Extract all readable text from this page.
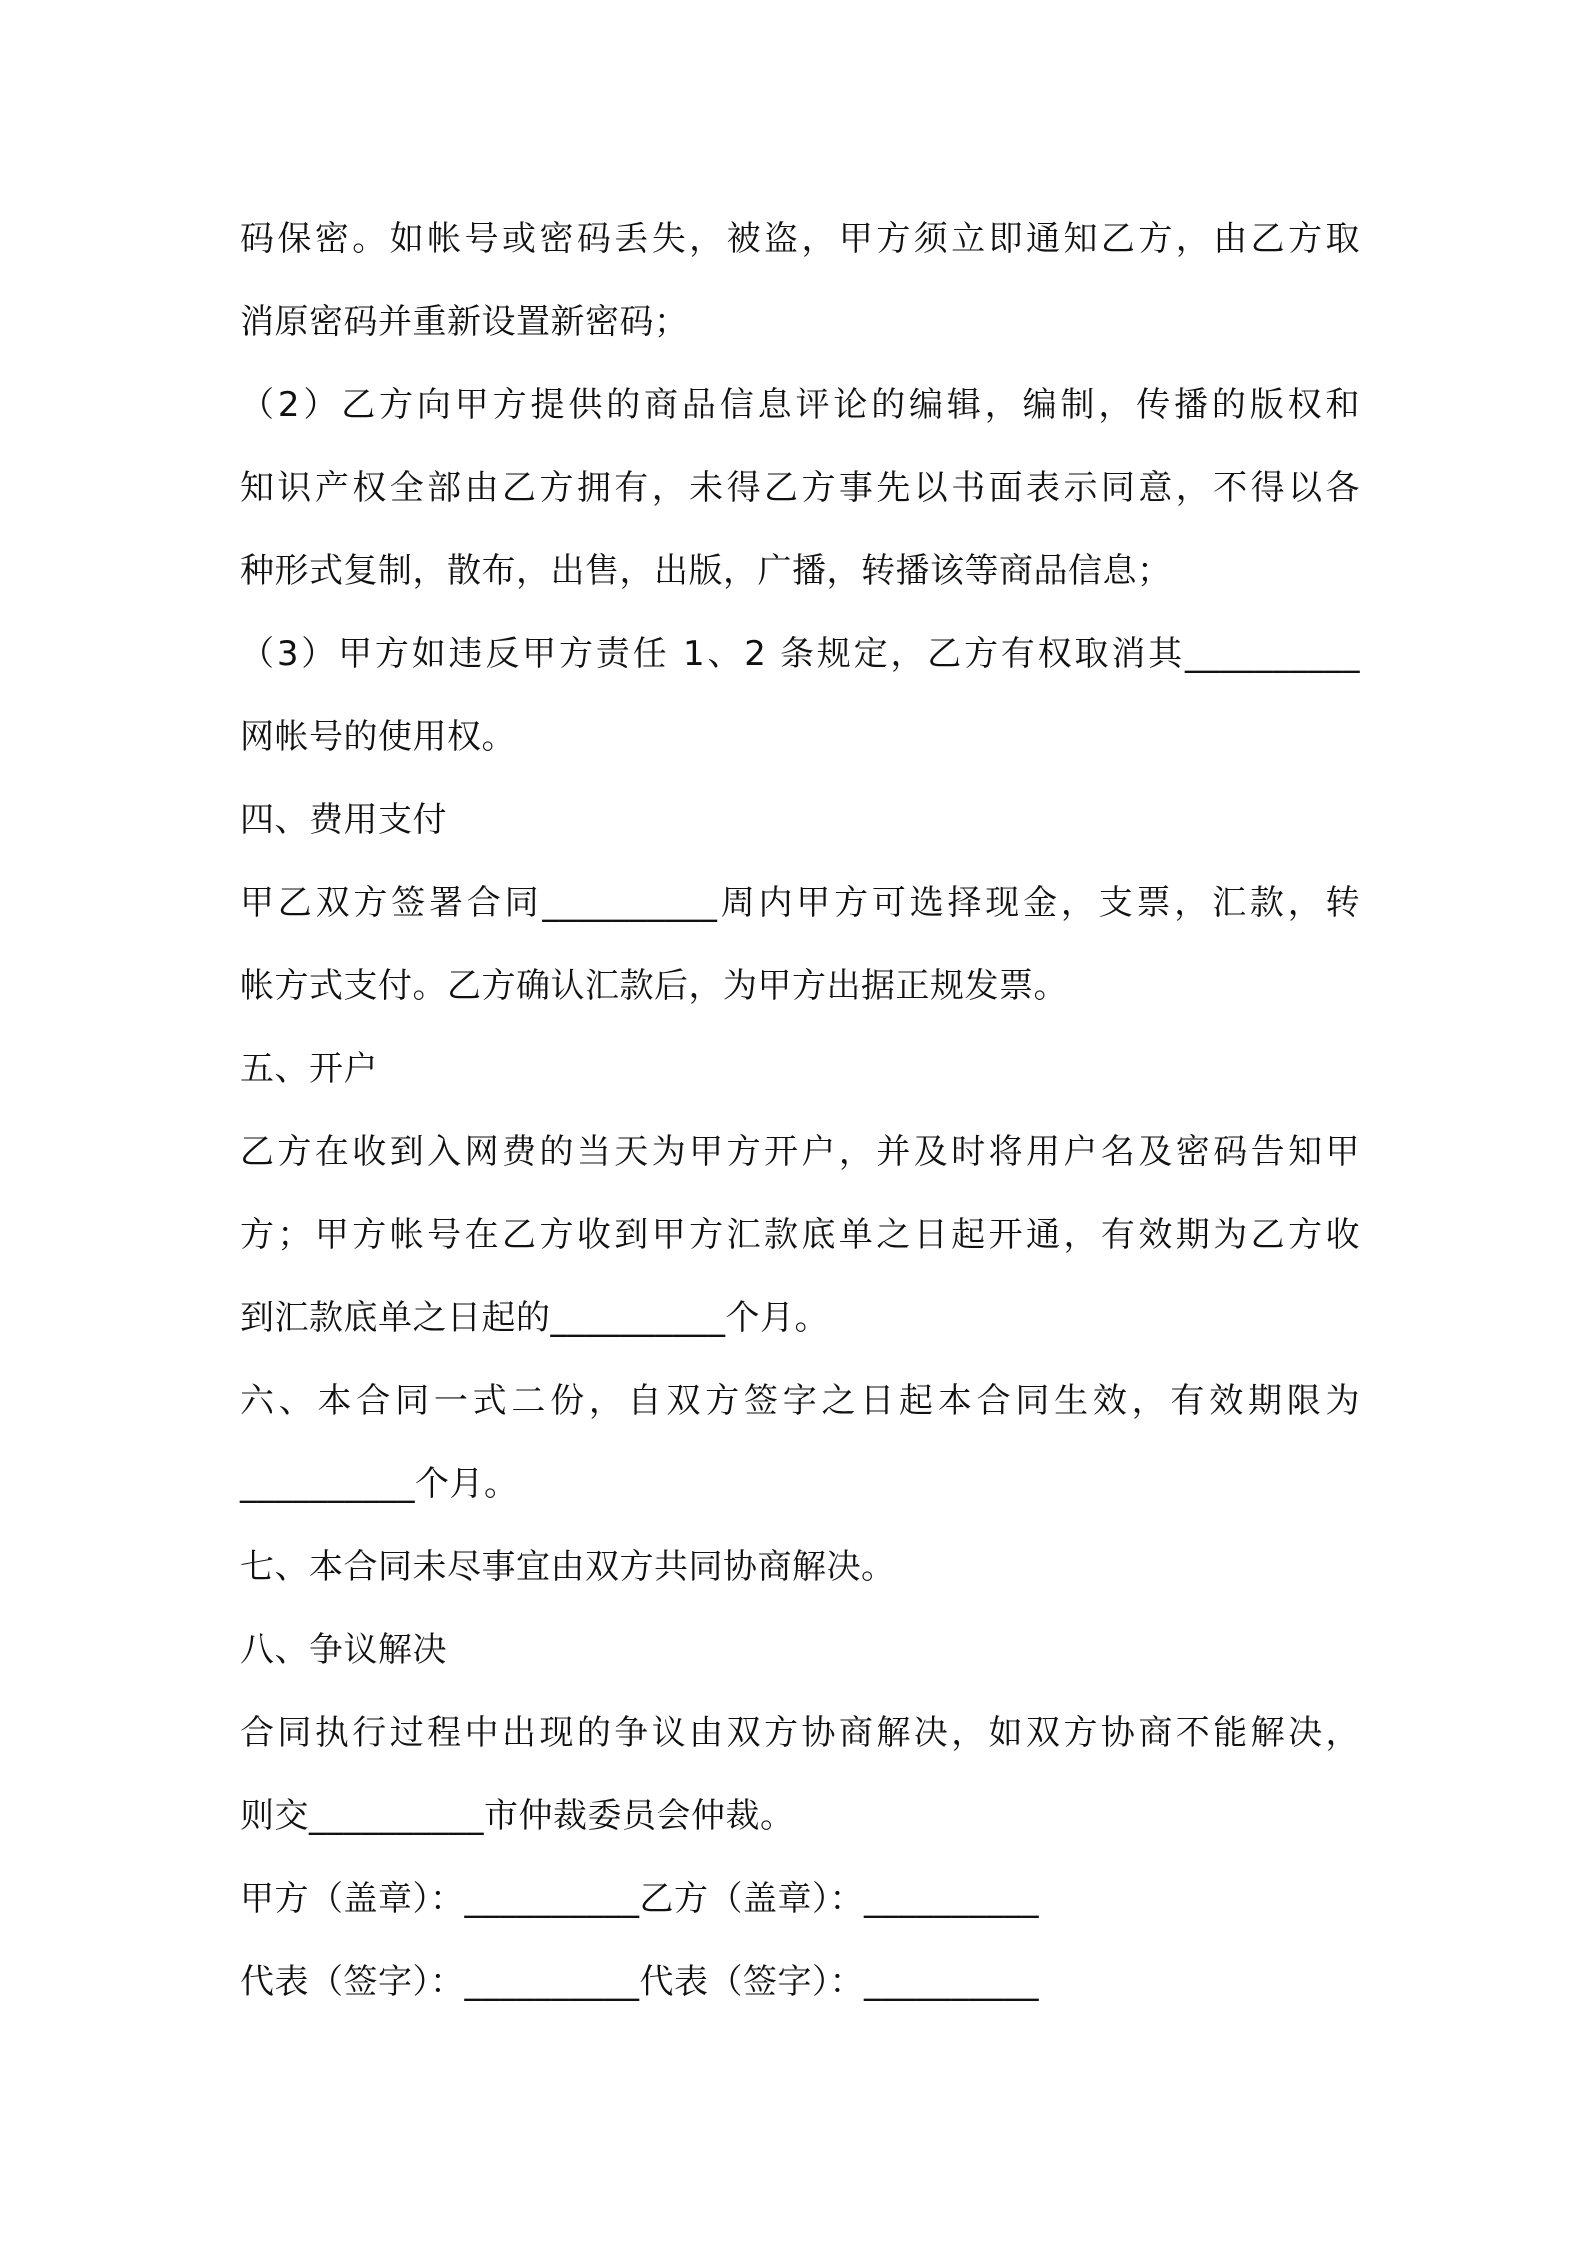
码保密。如帐号或密码丢失，被盗，甲方须立即通知乙方，由乙方取
消原密码并重新设置新密码；
（2）乙方向甲方提供的商品信息评论的编辑，编制，传播的版权和
知识产权全部由乙方拥有，未得乙方事先以书面表示同意，不得以各
种形式复制，散布，出售，出版，广播，转播该等商品信息；
（3）甲方如违反甲方责任 1、2 条规定，乙方有权取消其__________
网帐号的使用权。
四、费用支付
甲乙双方签署合同__________周内甲方可选择现金，支票，汇款，转
帐方式支付。乙方确认汇款后，为甲方出据正规发票。
五、开户
乙方在收到入网费的当天为甲方开户，并及时将用户名及密码告知甲
方；甲方帐号在乙方收到甲方汇款底单之日起开通，有效期为乙方收
到汇款底单之日起的__________个月。
六、本合同一式二份，自双方签字之日起本合同生效，有效期限为
__________个月。
七、本合同未尽事宜由双方共同协商解决。
八、争议解决
合同执行过程中出现的争议由双方协商解决，如双方协商不能解决，
则交__________市仲裁委员会仲裁。
甲方（盖章）：__________乙方（盖章）：__________
代表（签字）：__________代表（签字）：__________
